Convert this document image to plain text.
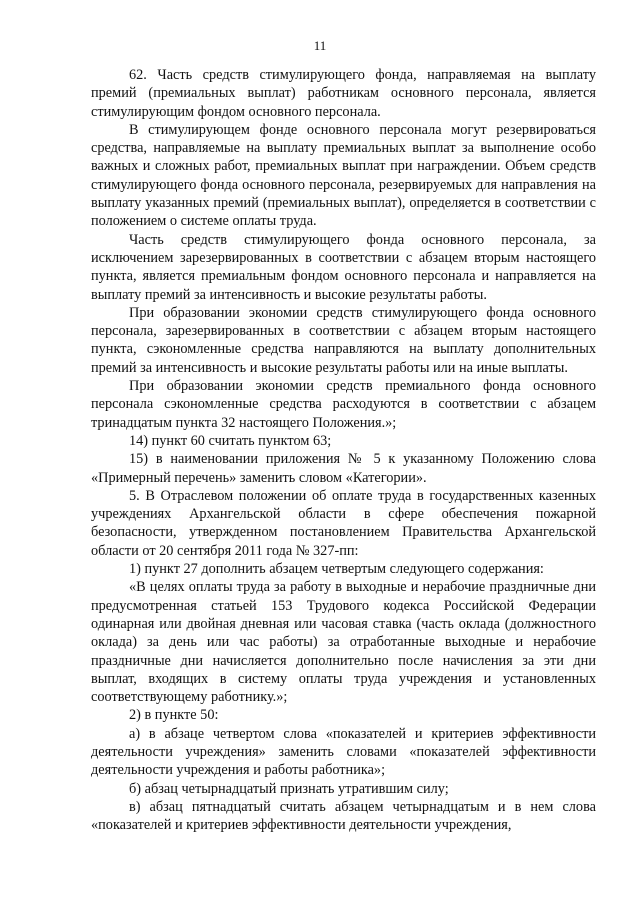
11

62. Часть средств стимулирующего фонда, направляемая на выплату премий (премиальных выплат) работникам основного персонала, является стимулирующим фондом основного персонала.

В стимулирующем фонде основного персонала могут резервироваться средства, направляемые на выплату премиальных выплат за выполнение особо важных и сложных работ, премиальных выплат при награждении. Объем средств стимулирующего фонда основного персонала, резервируемых для направления на выплату указанных премий (премиальных выплат), определяется в соответствии с положением о системе оплаты труда.

Часть средств стимулирующего фонда основного персонала, за исключением зарезервированных в соответствии с абзацем вторым настоящего пункта, является премиальным фондом основного персонала и направляется на выплату премий за интенсивность и высокие результаты работы.

При образовании экономии средств стимулирующего фонда основного персонала, зарезервированных в соответствии с абзацем вторым настоящего пункта, сэкономленные средства направляются на выплату дополнительных премий за интенсивность и высокие результаты работы или на иные выплаты.

При образовании экономии средств премиального фонда основного персонала сэкономленные средства расходуются в соответствии с абзацем тринадцатым пункта 32 настоящего Положения.»;

14) пункт 60 считать пунктом 63;

15) в наименовании приложения № 5 к указанному Положению слова «Примерный перечень» заменить словом «Категории».

5. В Отраслевом положении об оплате труда в государственных казенных учреждениях Архангельской области в сфере обеспечения пожарной безопасности, утвержденном постановлением Правительства Архангельской области от 20 сентября 2011 года № 327-пп:

1) пункт 27 дополнить абзацем четвертым следующего содержания:

«В целях оплаты труда за работу в выходные и нерабочие праздничные дни предусмотренная статьей 153 Трудового кодекса Российской Федерации одинарная или двойная дневная или часовая ставка (часть оклада (должностного оклада) за день или час работы) за отработанные выходные и нерабочие праздничные дни начисляется дополнительно после начисления за эти дни выплат, входящих в систему оплаты труда учреждения и установленных соответствующему работнику.»;

2) в пункте 50:

а) в абзаце четвертом слова «показателей и критериев эффективности деятельности учреждения» заменить словами «показателей эффективности деятельности учреждения и работы работника»;

б) абзац четырнадцатый признать утратившим силу;

в) абзац пятнадцатый считать абзацем четырнадцатым и в нем слова «показателей и критериев эффективности деятельности учреждения,
